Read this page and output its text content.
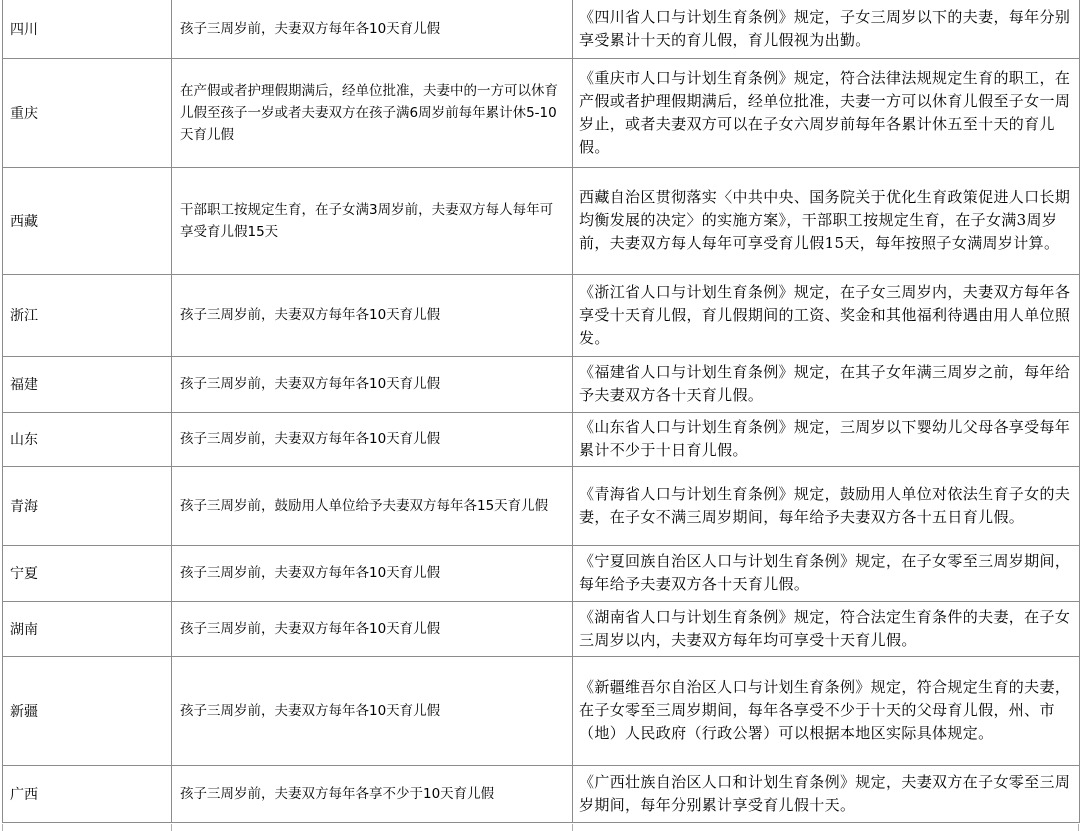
四川	孩子三周岁前，夫妻双方每年各10天育儿假	《四川省人口与计划生育条例》规定，子女三周岁以下的夫妻，每年分别享受累计十天的育儿假，育儿假视为出勤。
重庆	在产假或者护理假期满后，经单位批准，夫妻中的一方可以休育儿假至孩子一岁或者夫妻双方在孩子满6周岁前每年累计休5-10天育儿假	《重庆市人口与计划生育条例》规定，符合法律法规规定生育的职工，在产假或者护理假期满后，经单位批准，夫妻一方可以休育儿假至子女一周岁止，或者夫妻双方可以在子女六周岁前每年各累计休五至十天的育儿假。
西藏	干部职工按规定生育，在子女满3周岁前，夫妻双方每人每年可享受育儿假15天	西藏自治区贯彻落实〈中共中央、国务院关于优化生育政策促进人口长期均衡发展的决定〉的实施方案》，干部职工按规定生育，在子女满3周岁前，夫妻双方每人每年可享受育儿假15天，每年按照子女满周岁计算。
浙江	孩子三周岁前，夫妻双方每年各10天育儿假	《浙江省人口与计划生育条例》规定，在子女三周岁内，夫妻双方每年各享受十天育儿假，育儿假期间的工资、奖金和其他福利待遇由用人单位照发。
福建	孩子三周岁前，夫妻双方每年各10天育儿假	《福建省人口与计划生育条例》规定，在其子女年满三周岁之前，每年给予夫妻双方各十天育儿假。
山东	孩子三周岁前，夫妻双方每年各10天育儿假	《山东省人口与计划生育条例》规定，三周岁以下婴幼儿父母各享受每年累计不少于十日育儿假。
青海	孩子三周岁前，鼓励用人单位给予夫妻双方每年各15天育儿假	《青海省人口与计划生育条例》规定，鼓励用人单位对依法生育子女的夫妻，在子女不满三周岁期间，每年给予夫妻双方各十五日育儿假。
宁夏	孩子三周岁前，夫妻双方每年各10天育儿假	《宁夏回族自治区人口与计划生育条例》规定，在子女零至三周岁期间，每年给予夫妻双方各十天育儿假。
湖南	孩子三周岁前，夫妻双方每年各10天育儿假	《湖南省人口与计划生育条例》规定，符合法定生育条件的夫妻，在子女三周岁以内，夫妻双方每年均可享受十天育儿假。
新疆	孩子三周岁前，夫妻双方每年各10天育儿假	《新疆维吾尔自治区人口与计划生育条例》规定，符合规定生育的夫妻，在子女零至三周岁期间，每年各享受不少于十天的父母育儿假，州、市（地）人民政府（行政公署）可以根据本地区实际具体规定。
广西	孩子三周岁前，夫妻双方每年各享不少于10天育儿假	《广西壮族自治区人口和计划生育条例》规定，夫妻双方在子女零至三周岁期间，每年分别累计享受育儿假十天。
